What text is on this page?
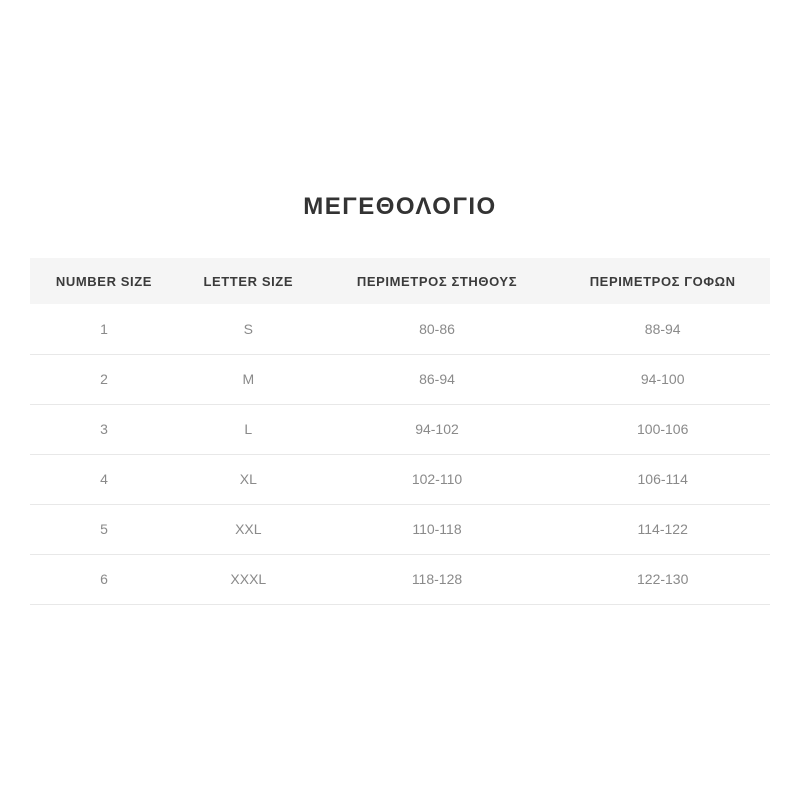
ΜΕΓΕΘΟΛΟΓΙΟ
NUMBER SIZE	LETTER SIZE	ΠΕΡΙΜΕΤΡΟΣ ΣΤΗΘΟΥΣ	ΠΕΡΙΜΕΤΡΟΣ ΓΟΦΩΝ
1	S	80-86	88-94
2	M	86-94	94-100
3	L	94-102	100-106
4	XL	102-110	106-114
5	XXL	110-118	114-122
6	XXXL	118-128	122-130
